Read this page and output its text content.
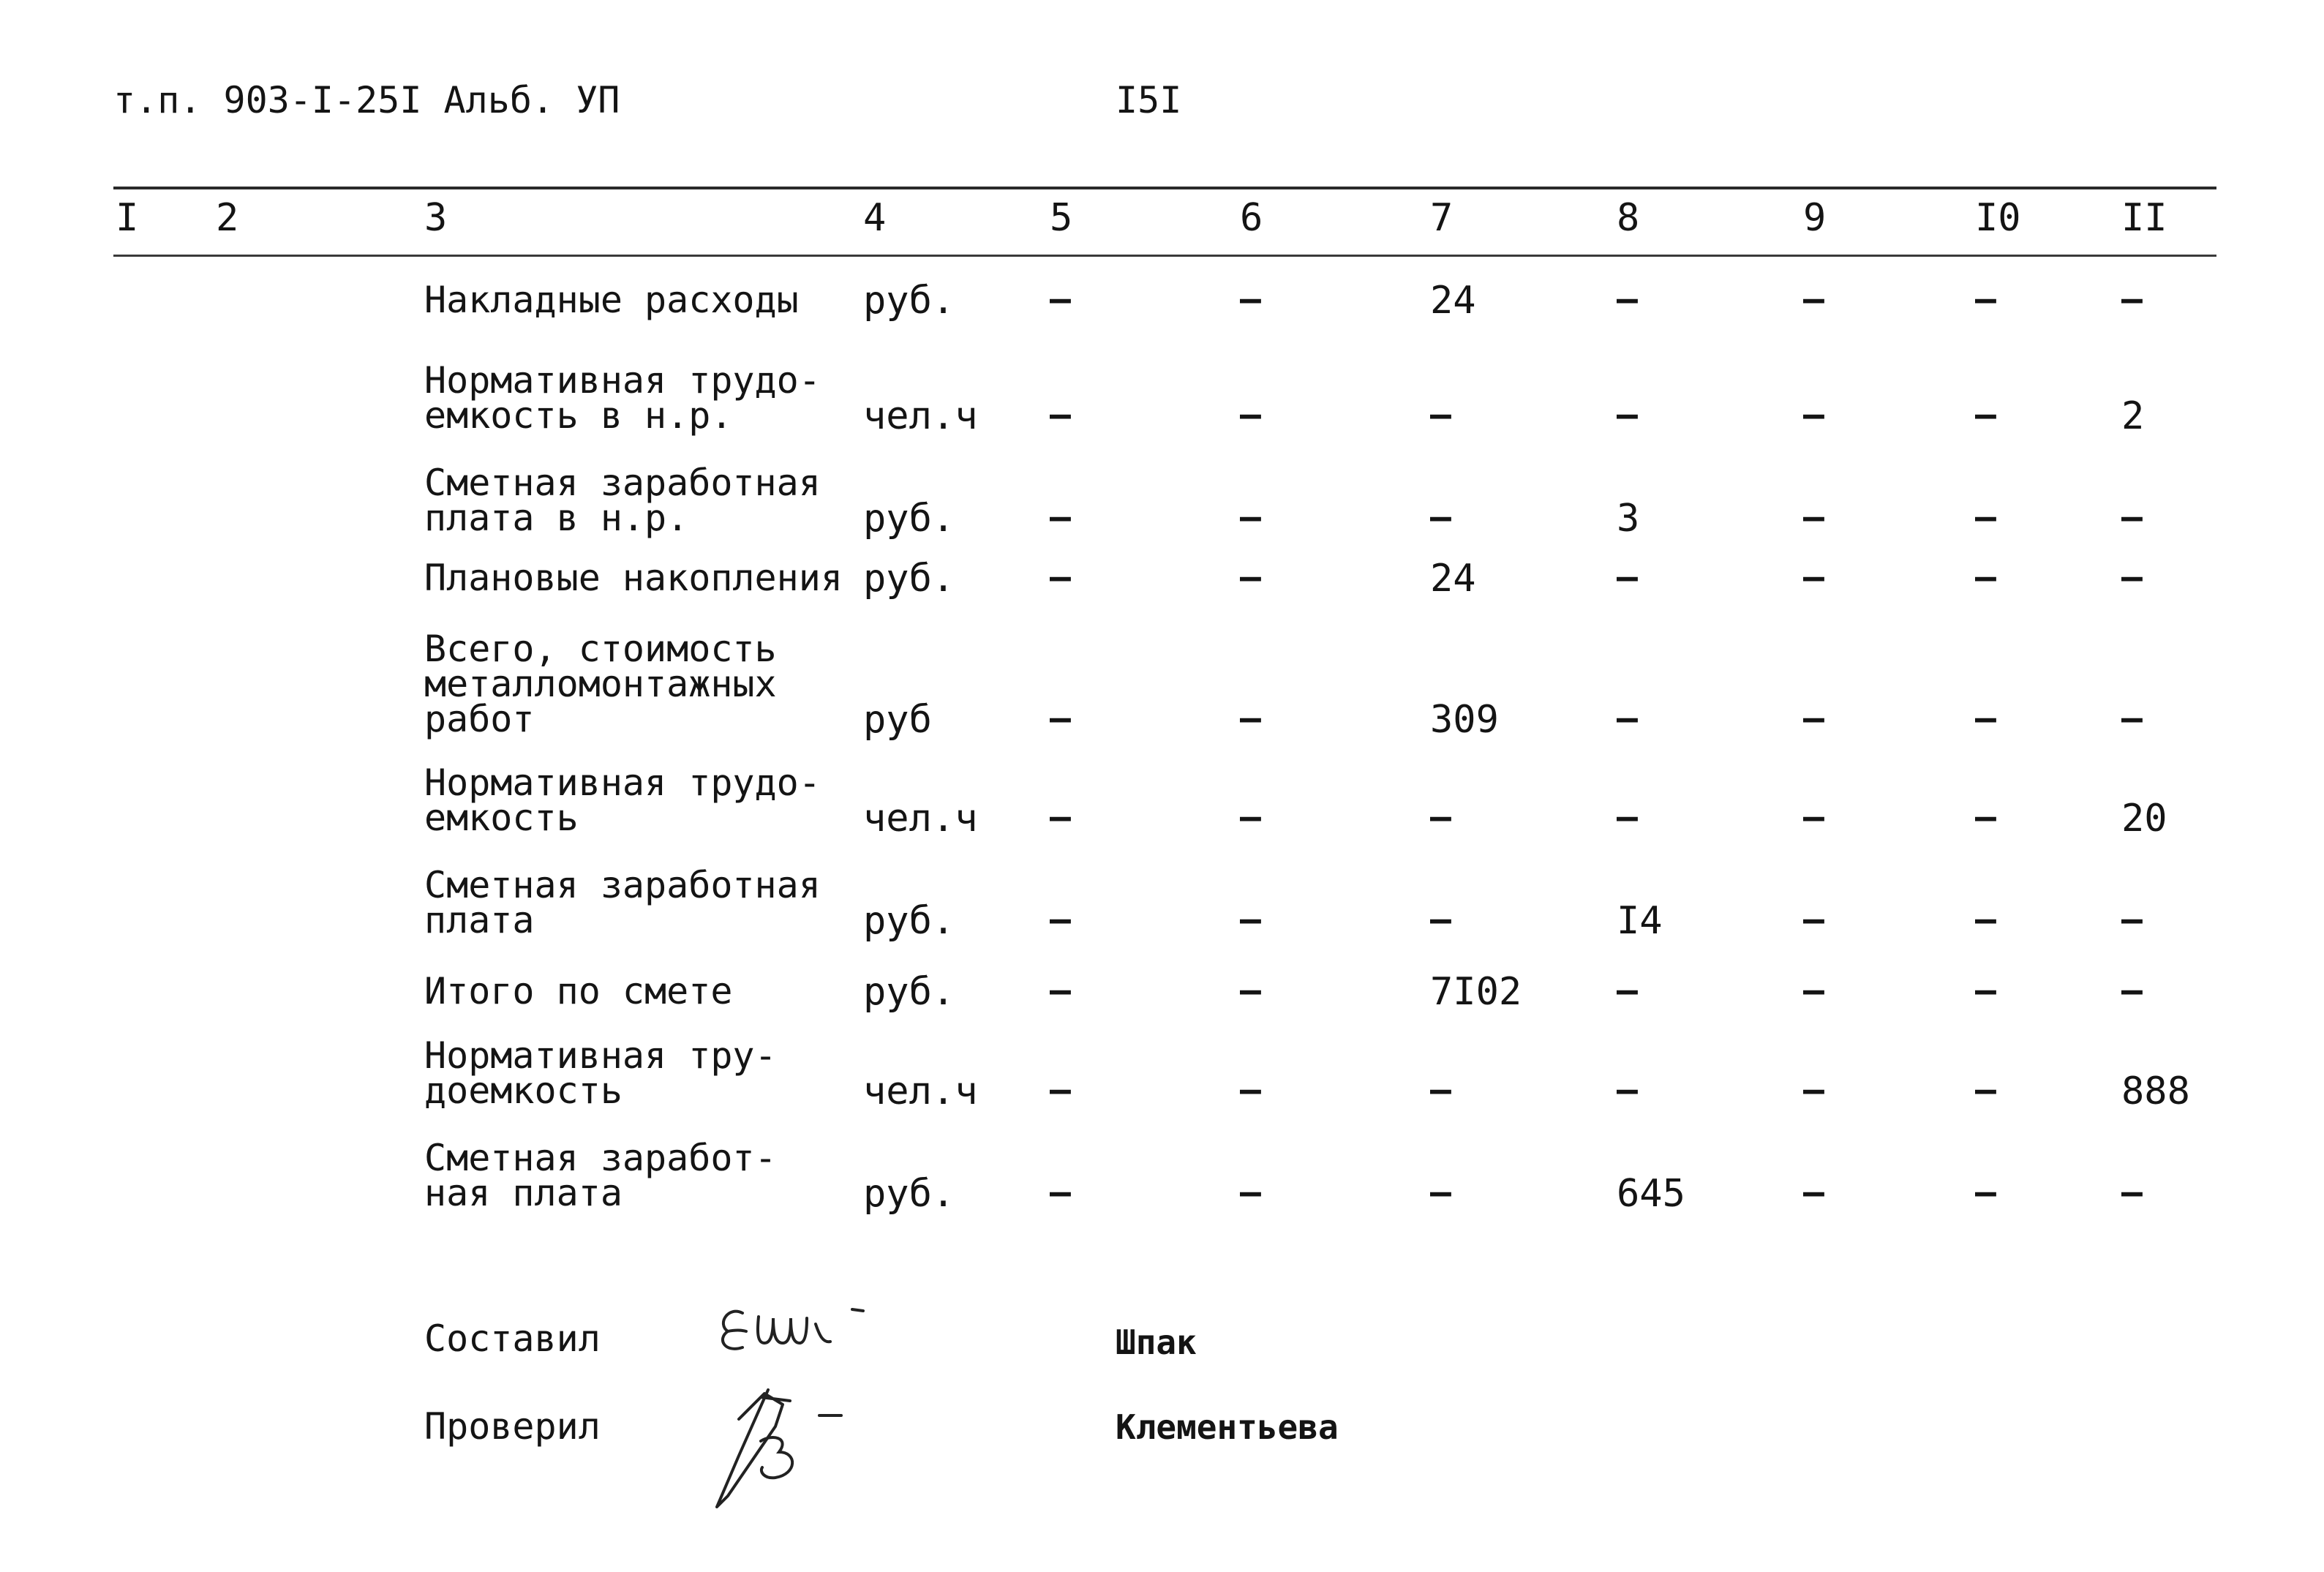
т.п. 903-I-25I Альб. УП	I5I
I 2	3	4	5	6	7	8	9	I0	II
Накладные расходы руб.	–	–	24	–	–	–	–
Нормативная трудо-
емкость в н.р.	чел.ч –	–	–	–	–	–	2
Сметная заработная
плата в н.р.	руб.	–	–	–	3	–	–	–
Плановые накопления руб.	–	–	24	–	–	–	–
Всего, стоимость
металломонтажных
работ	руб	–	–	309	–	–	–	–
Нормативная трудо-
емкость	чел.ч –	–	–	–	–	–	20
Сметная заработная
плата	руб.	–	–	–	I4	–	–	–
Итого по смете	руб.	–	–	7I02	–	–	–	–
Нормативная тру-
доемкость	чел.ч –	–	–	–	–	–	888
Сметная заработ-
ная плата	руб.	–	–	–	645	–	–	–
Составил	Шпак
Проверил	Клементьева
